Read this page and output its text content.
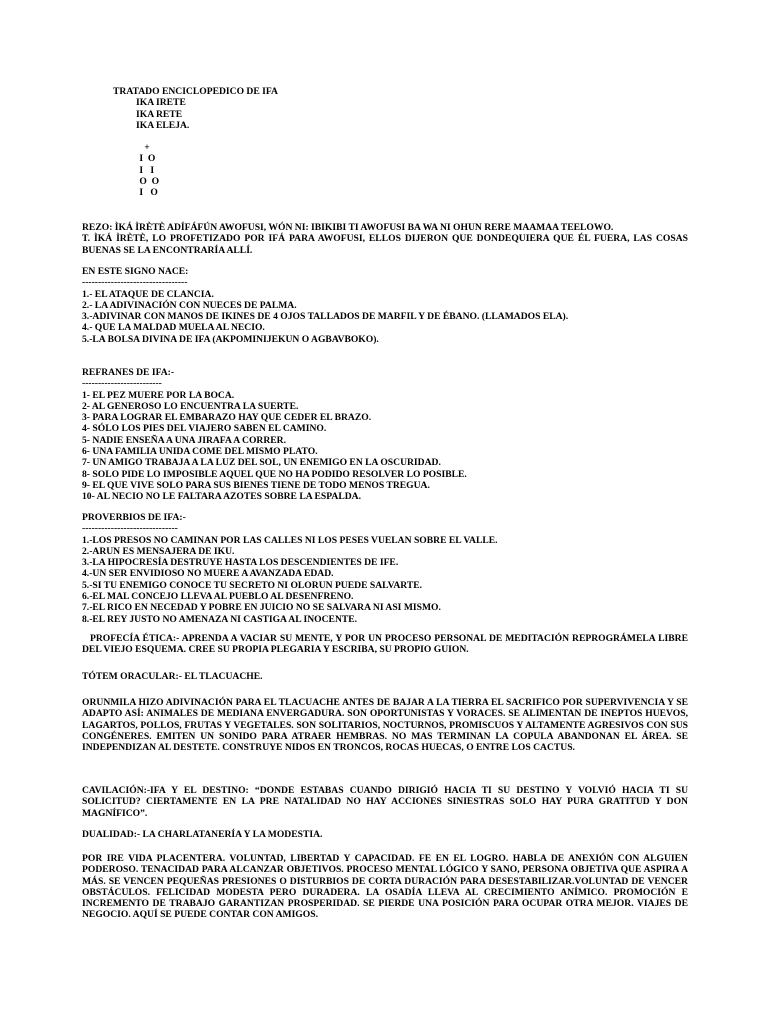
TRATADO ENCICLOPEDICO DE IFA
IKA IRETE
IKA RETE
IKA ELEJA.
+
I  O
I   I
O  O
I   O
REZO: ÌKÁ ÌRÈTÈ ADÍFÁFÚN AWOFUSI, WÓN NI: IBIKIBI TI AWOFUSI BA WA NI OHUN RERE MAAMAA TEELOWO.
T. ÌKÁ ÌRÈTÈ, LO PROFETIZADO POR IFÁ PARA AWOFUSI, ELLOS DIJERON QUE DONDEQUIERA QUE ÉL FUERA, LAS COSAS BUENAS SE LA ENCONTRARÍA ALLÍ.
EN ESTE SIGNO NACE:
---------------------------------
1.- EL ATAQUE DE CLANCIA.
2.- LA ADIVINACIÓN CON NUECES DE PALMA.
3.-ADIVINAR CON MANOS DE IKINES DE 4 OJOS TALLADOS DE MARFIL Y DE ÉBANO. (LLAMADOS ELA).
4.- QUE LA MALDAD MUELA AL NECIO.
5.-LA BOLSA DIVINA DE IFA (AKPOMINIJEKUN O AGBAVBOKO).
REFRANES DE IFA:-
-------------------------
1- EL PEZ MUERE POR LA BOCA.
2- AL GENEROSO LO ENCUENTRA LA SUERTE.
3- PARA LOGRAR EL EMBARAZO HAY QUE CEDER EL BRAZO.
4- SÓLO LOS PIES DEL VIAJERO SABEN EL CAMINO.
5- NADIE ENSEÑA A UNA JIRAFA A CORRER.
6- UNA FAMILIA UNIDA COME DEL MISMO PLATO.
7- UN AMIGO TRABAJA A LA LUZ DEL SOL, UN ENEMIGO EN LA OSCURIDAD.
8- SOLO PIDE LO IMPOSIBLE AQUEL QUE NO HA PODIDO RESOLVER LO POSIBLE.
9- EL QUE VIVE SOLO PARA SUS BIENES TIENE DE TODO MENOS TREGUA.
10- AL NECIO NO LE FALTARA AZOTES SOBRE LA ESPALDA.
PROVERBIOS DE IFA:-
------------------------------
1.-LOS PRESOS NO CAMINAN POR LAS CALLES NI LOS PESES VUELAN SOBRE EL VALLE.
2.-ARUN ES MENSAJERA DE IKU.
3.-LA HIPOCRESÍA DESTRUYE HASTA LOS DESCENDIENTES DE IFE.
4.-UN SER ENVIDIOSO NO MUERE A AVANZADA EDAD.
5.-SI TU ENEMIGO CONOCE TU SECRETO NI OLORUN PUEDE SALVARTE.
6.-EL MAL CONCEJO LLEVA AL PUEBLO AL DESENFRENO.
7.-EL RICO EN NECEDAD Y POBRE EN JUICIO NO SE SALVARA NI ASI MISMO.
8.-EL REY JUSTO NO AMENAZA NI CASTIGA AL INOCENTE.
PROFECÍA ÉTICA:- APRENDA A VACIAR SU MENTE, Y POR UN PROCESO PERSONAL DE MEDITACIÓN REPROGRÁMELA LIBRE DEL VIEJO ESQUEMA. CREE SU PROPIA PLEGARIA Y ESCRIBA, SU PROPIO GUION.
TÓTEM ORACULAR:- EL TLACUACHE.
ORUNMILA HIZO ADIVINACIÓN PARA EL TLACUACHE ANTES DE BAJAR A LA TIERRA EL SACRIFICO POR SUPERVIVENCIA Y SE ADAPTO ASÍ: ANIMALES DE MEDIANA ENVERGADURA. SON OPORTUNISTAS Y VORACES. SE ALIMENTAN DE INEPTOS HUEVOS, LAGARTOS, POLLOS, FRUTAS Y VEGETALES. SON SOLITARIOS, NOCTURNOS, PROMISCUOS Y ALTAMENTE AGRESIVOS CON SUS CONGÉNERES. EMITEN UN SONIDO PARA ATRAER HEMBRAS. NO MAS TERMINAN LA COPULA ABANDONAN EL ÁREA. SE INDEPENDIZAN AL DESTETE. CONSTRUYE NIDOS EN TRONCOS, ROCAS HUECAS, O ENTRE LOS CACTUS.
CAVILACIÓN:-IFA Y EL DESTINO: “DONDE ESTABAS CUANDO DIRIGIÓ HACIA TI SU DESTINO Y VOLVIÓ HACIA TI SU SOLICITUD? CIERTAMENTE EN LA PRE NATALIDAD NO HAY ACCIONES SINIESTRAS SOLO HAY PURA GRATITUD Y DON MAGNÍFICO”.
DUALIDAD:- LA CHARLATANERÍA Y LA MODESTIA.
POR IRE VIDA PLACENTERA. VOLUNTAD, LIBERTAD Y CAPACIDAD. FE EN EL LOGRO. HABLA DE ANEXIÓN CON ALGUIEN PODEROSO. TENACIDAD PARA ALCANZAR OBJETIVOS. PROCESO MENTAL LÓGICO Y SANO, PERSONA OBJETIVA QUE ASPIRA A MÁS. SE VENCEN PEQUEÑAS PRESIONES O DISTURBIOS DE CORTA DURACIÓN PARA DESESTABILIZAR.VOLUNTAD DE VENCER OBSTÁCULOS. FELICIDAD MODESTA PERO DURADERA. LA OSADÍA LLEVA AL CRECIMIENTO ANÍMICO. PROMOCIÓN E INCREMENTO DE TRABAJO GARANTIZAN PROSPERIDAD. SE PIERDE UNA POSICIÓN PARA OCUPAR OTRA MEJOR. VIAJES DE NEGOCIO. AQUÍ SE PUEDE CONTAR CON AMIGOS.
